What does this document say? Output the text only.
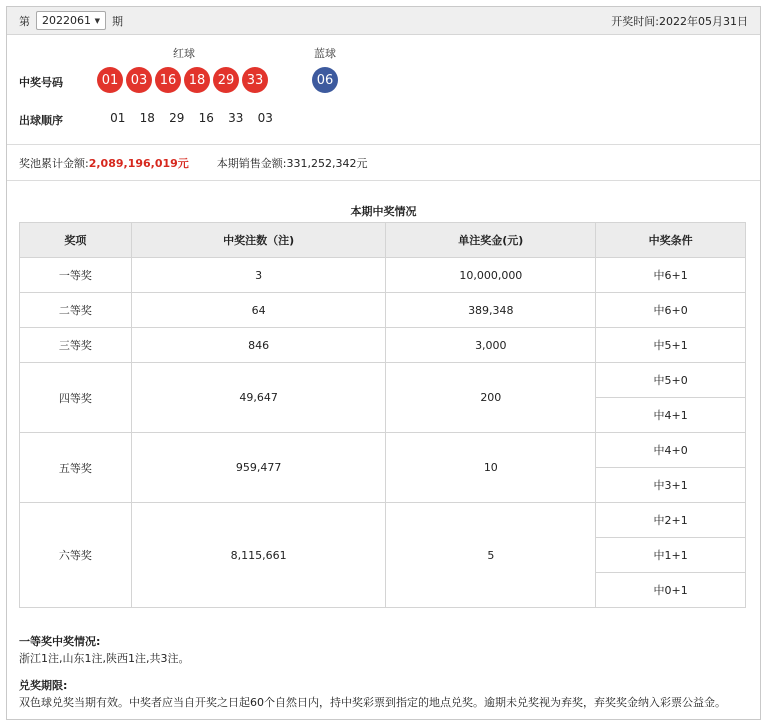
第 2022061 ▼ 期	开奖时间: 2022年05月31日
红球	蓝球
中奖号码	01 03 16 18 29 33	06
出球顺序	01	18	29	16	33	03
奖池累计金额: 2,089,196,019元	本期销售金额: 331,252,342元
本期中奖情况
奖项	中奖注数（注)	单注奖金(元)	中奖条件
一等奖	3	10,000,000	中6+1
二等奖	64	389,348	中6+0
三等奖	846	3,000	中5+1
四等奖	49,647	200	中5+0
			中4+1
五等奖	959,477	10	中4+0
			中3+1
六等奖	8,115,661	5	中2+1
			中1+1
			中0+1
一等奖中奖情况:
浙江1注,山东1注,陕西1注,共3注。
兑奖期限:
双色球兑奖当期有效。中奖者应当自开奖之日起60个自然日内，持中奖彩票到指定的地点兑奖。逾期未兑奖视为弃奖，弃奖奖金纳入彩票公益金。
